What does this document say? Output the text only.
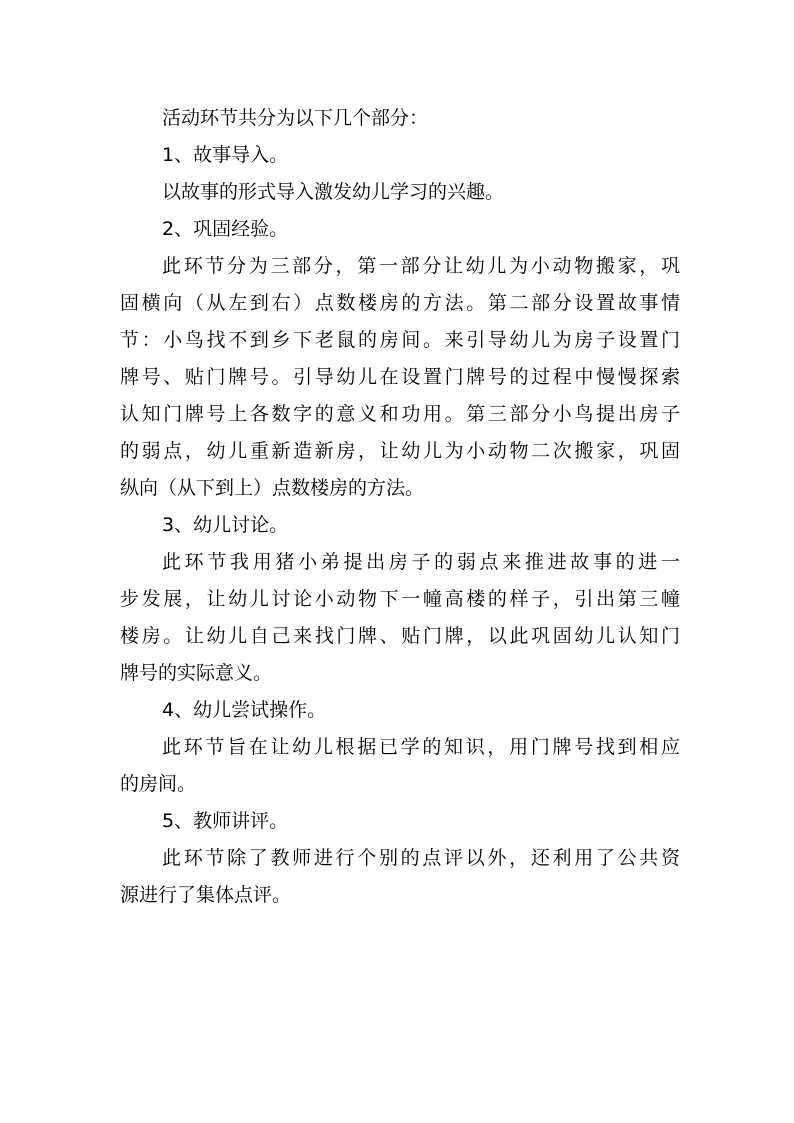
活动环节共分为以下几个部分：

1、故事导入。

以故事的形式导入激发幼儿学习的兴趣。

2、巩固经验。

此环节分为三部分，第一部分让幼儿为小动物搬家，巩

固横向（从左到右）点数楼房的方法。第二部分设置故事情

节：小鸟找不到乡下老鼠的房间。来引导幼儿为房子设置门

牌号、贴门牌号。引导幼儿在设置门牌号的过程中慢慢探索

认知门牌号上各数字的意义和功用。第三部分小鸟提出房子

的弱点，幼儿重新造新房，让幼儿为小动物二次搬家，巩固

纵向（从下到上）点数楼房的方法。

3、幼儿讨论。

此环节我用猪小弟提出房子的弱点来推进故事的进一

步发展，让幼儿讨论小动物下一幢高楼的样子，引出第三幢

楼房。让幼儿自己来找门牌、贴门牌，以此巩固幼儿认知门

牌号的实际意义。

4、幼儿尝试操作。

此环节旨在让幼儿根据已学的知识，用门牌号找到相应

的房间。

5、教师讲评。

此环节除了教师进行个别的点评以外，还利用了公共资

源进行了集体点评。
